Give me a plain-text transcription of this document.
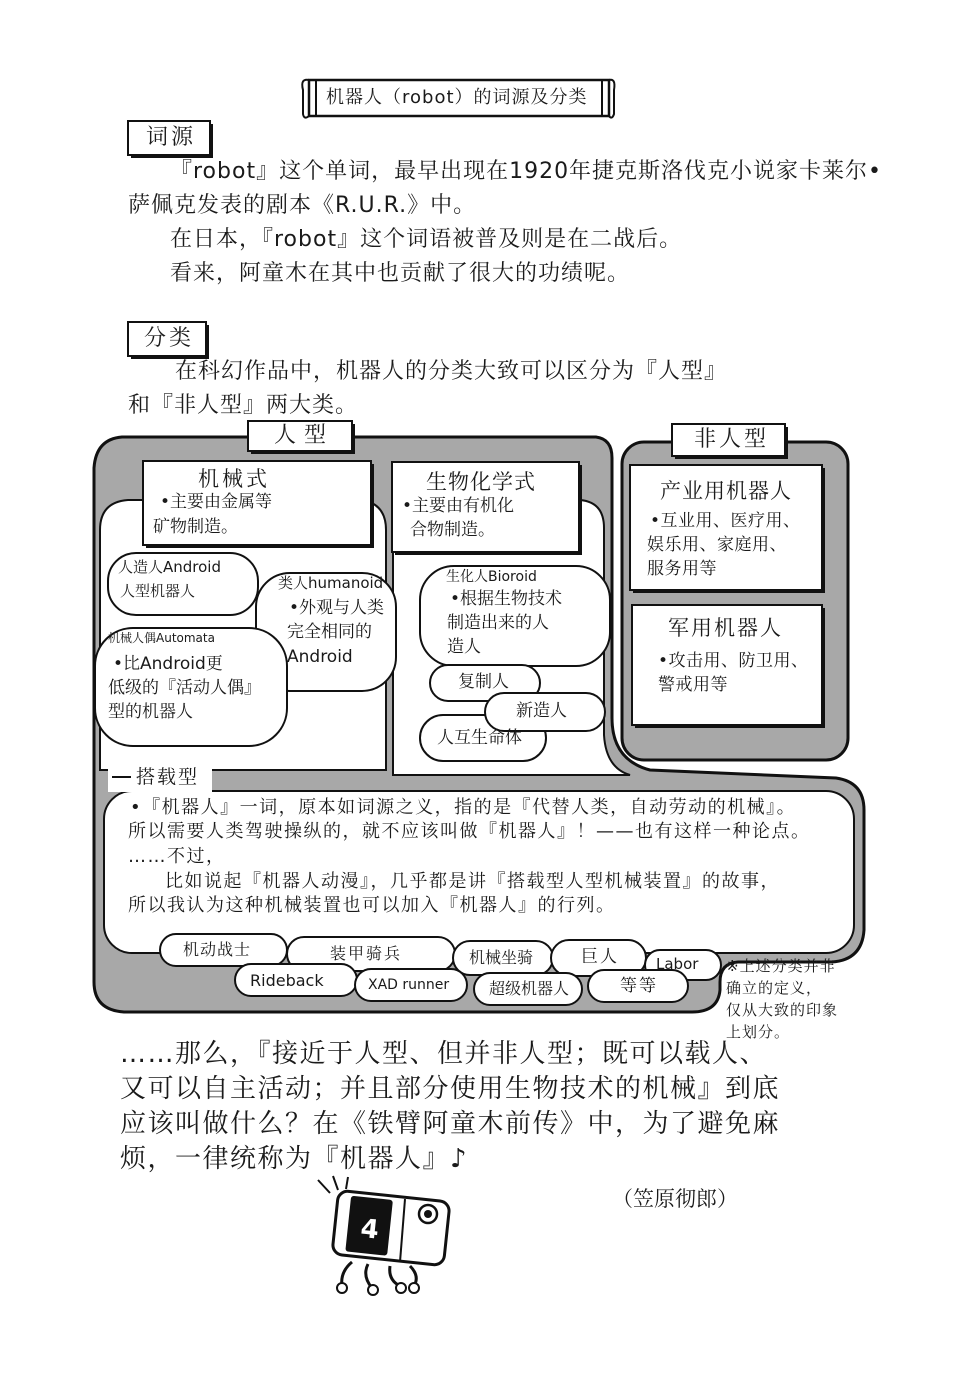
4
机器人（robot）的词源及分类
词源
『robot』这个单词，最早出现在1920年捷克斯洛伐克小说家卡莱尔•
萨佩克发表的剧本《R.U.R.》中。
在日本，『robot』这个词语被普及则是在二战后。
看来，阿童木在其中也贡献了很大的功绩呢。
分类
在科幻作品中，机器人的分类大致可以区分为『人型』
和『非人型』两大类。
人型
机械式
•主要由金属等
矿物制造。
生物化学式
•主要由有机化
合物制造。
人造人Android
人型机器人	类人humanoid
•外观与人类
完全相同的
Android
机械人偶Automata
•比Android更
低级的『活动人偶』
型的机器人
生化人Bioroid
•根据生物技术
制造出来的人
造人
复制人
新造人
人互生命体
搭载型
•『机器人』一词，原本如词源之义，指的是『代替人类，自动劳动的机械』。
所以需要人类驾驶操纵的，就不应该叫做『机器人』！——也有这样一种论点。
……不过，
比如说起『机器人动漫』，几乎都是讲『搭载型人型机械装置』的故事，
所以我认为这种机械装置也可以加入『机器人』的行列。
机动战士	装甲骑兵	机械坐骑	巨人 Labor
Rideback	XAD runner 超级机器人	等等
非人型
产业用机器人
•互业用、医疗用、
娱乐用、家庭用、
服务用等
军用机器人
•攻击用、防卫用、
警戒用等
※上述分类并非
确立的定义，
仅从大致的印象
上划分。
……那么，『接近于人型、但并非人型；既可以载人、
又可以自主活动；并且部分使用生物技术的机械』到底
应该叫做什么？在《铁臂阿童木前传》中，为了避免麻
烦，一律统称为『机器人』♪
（笠原彻郎）
